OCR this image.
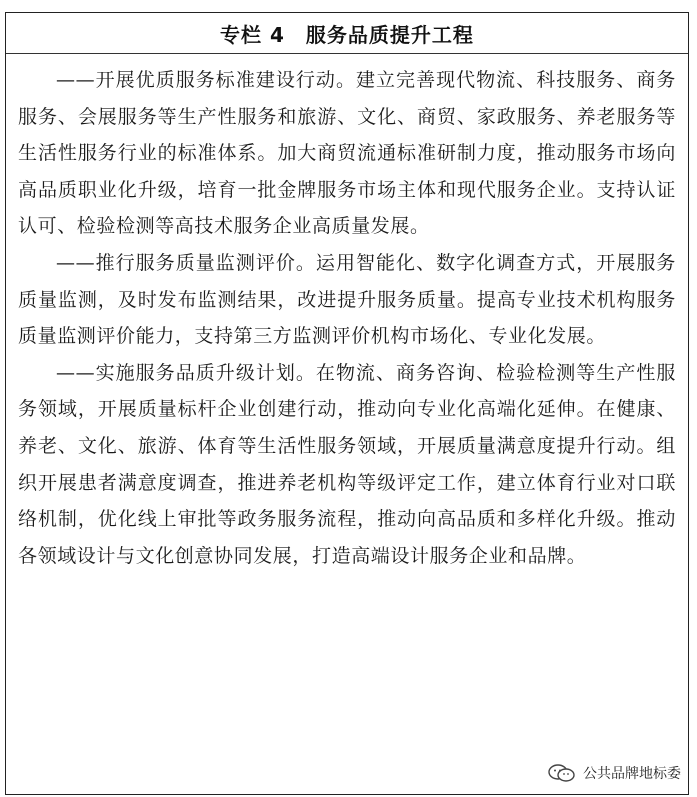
专栏 4　服务品质提升工程

——开展优质服务标准建设行动。建立完善现代物流、科技服务、商务服务、会展服务等生产性服务和旅游、文化、商贸、家政服务、养老服务等生活性服务行业的标准体系。加大商贸流通标准研制力度，推动服务市场向高品质职业化升级，培育一批金牌服务市场主体和现代服务企业。支持认证认可、检验检测等高技术服务企业高质量发展。

——推行服务质量监测评价。运用智能化、数字化调查方式，开展服务质量监测，及时发布监测结果，改进提升服务质量。提高专业技术机构服务质量监测评价能力，支持第三方监测评价机构市场化、专业化发展。

——实施服务品质升级计划。在物流、商务咨询、检验检测等生产性服务领域，开展质量标杆企业创建行动，推动向专业化高端化延伸。在健康、养老、文化、旅游、体育等生活性服务领域，开展质量满意度提升行动。组织开展患者满意度调查，推进养老机构等级评定工作，建立体育行业对口联络机制，优化线上审批等政务服务流程，推动向高品质和多样化升级。推动各领域设计与文化创意协同发展，打造高端设计服务企业和品牌。

公共品牌地标委
